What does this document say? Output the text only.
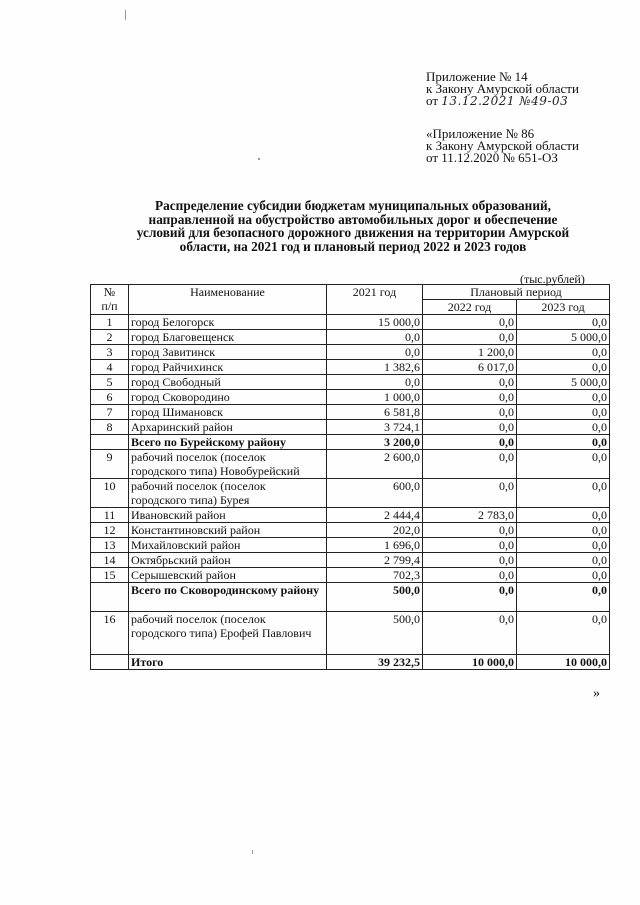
Приложение № 14
к Закону Амурской области
от 13.12.2021 №49-03
«Приложение № 86
к Закону Амурской области
от 11.12.2020 № 651-ОЗ
Распределение субсидии бюджетам муниципальных образований,
направленной на обустройство автомобильных дорог и обеспечение
условий для безопасного дорожного движения на территории Амурской
области, на 2021 год и плановый период 2022 и 2023 годов
(тыс.рублей)
№
п/п	Наименование	2021 год	Плановый период	
			2022 год	2023 год
1	город Белогорск	15 000,0	0,0	0,0
2	город Благовещенск	0,0	0,0	5 000,0
3	город Завитинск	0,0	1 200,0	0,0
4	город Райчихинск	1 382,6	6 017,0	0,0
5	город Свободный	0,0	0,0	5 000,0
6	город Сковородино	1 000,0	0,0	0,0
7	город Шимановск	6 581,8	0,0	0,0
8	Архаринский район	3 724,1	0,0	0,0
	Всего по Бурейскому району	3 200,0	0,0	0,0
9	рабочий поселок (поселок городского типа) Новобурейский	2 600,0	0,0	0,0
10	рабочий поселок (поселок городского типа) Бурея	600,0	0,0	0,0
11	Ивановский район	2 444,4	2 783,0	0,0
12	Константиновский район	202,0	0,0	0,0
13	Михайловский район	1 696,0	0,0	0,0
14	Октябрьский район	2 799,4	0,0	0,0
15	Серышевский район	702,3	0,0	0,0
	Всего по Сковородинскому району	500,0	0,0	0,0
16	рабочий поселок (поселок городского типа) Ерофей Павлович	500,0	0,0	0,0
	Итого	39 232,5	10 000,0	10 000,0
»
